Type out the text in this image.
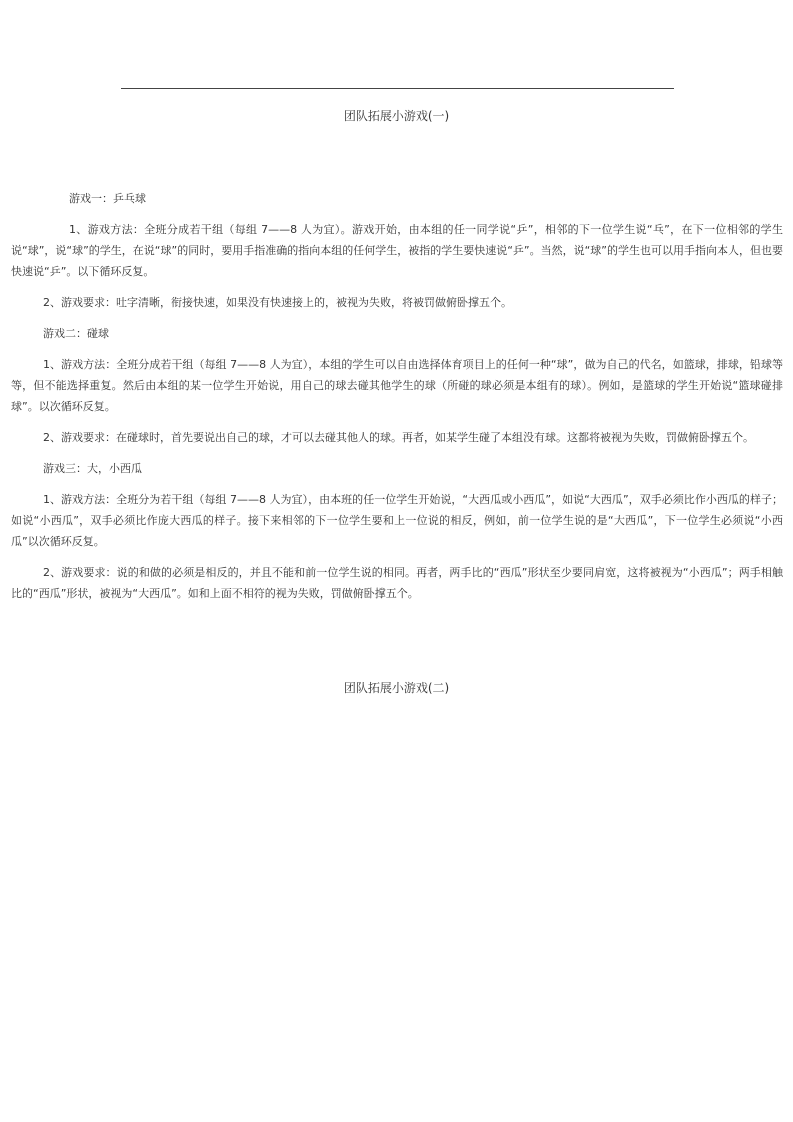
团队拓展小游戏(一)

游戏一：乒乓球

1、游戏方法：全班分成若干组（每组 7——8 人为宜）。游戏开始，由本组的任一同学说“乒”，相邻的下一位学生说“乓”，在下一位相邻的学生说“球”，说“球”的学生，在说“球”的同时，要用手指准确的指向本组的任何学生，被指的学生要快速说“乒”。当然，说“球”的学生也可以用手指向本人，但也要快速说“乒”。以下循环反复。

2、游戏要求：吐字清晰，衔接快速，如果没有快速接上的，被视为失败，将被罚做俯卧撑五个。

游戏二：碰球

1、游戏方法：全班分成若干组（每组 7——8 人为宜），本组的学生可以自由选择体育项目上的任何一种“球”，做为自己的代名，如篮球，排球，铅球等等，但不能选择重复。然后由本组的某一位学生开始说，用自己的球去碰其他学生的球（所碰的球必须是本组有的球）。例如，是篮球的学生开始说“篮球碰排球”。以次循环反复。

2、游戏要求：在碰球时，首先要说出自己的球，才可以去碰其他人的球。再者，如某学生碰了本组没有球。这都将被视为失败，罚做俯卧撑五个。

游戏三：大，小西瓜

1、游戏方法：全班分为若干组（每组 7——8 人为宜），由本班的任一位学生开始说，“大西瓜或小西瓜”，如说“大西瓜”，双手必须比作小西瓜的样子；如说“小西瓜”，双手必须比作庞大西瓜的样子。接下来相邻的下一位学生要和上一位说的相反，例如，前一位学生说的是“大西瓜”，下一位学生必须说“小西瓜”以次循环反复。

2、游戏要求：说的和做的必须是相反的，并且不能和前一位学生说的相同。再者，两手比的“西瓜”形状至少要同肩宽，这将被视为“小西瓜”；两手相触比的“西瓜”形状，被视为“大西瓜”。如和上面不相符的视为失败，罚做俯卧撑五个。

团队拓展小游戏(二)
